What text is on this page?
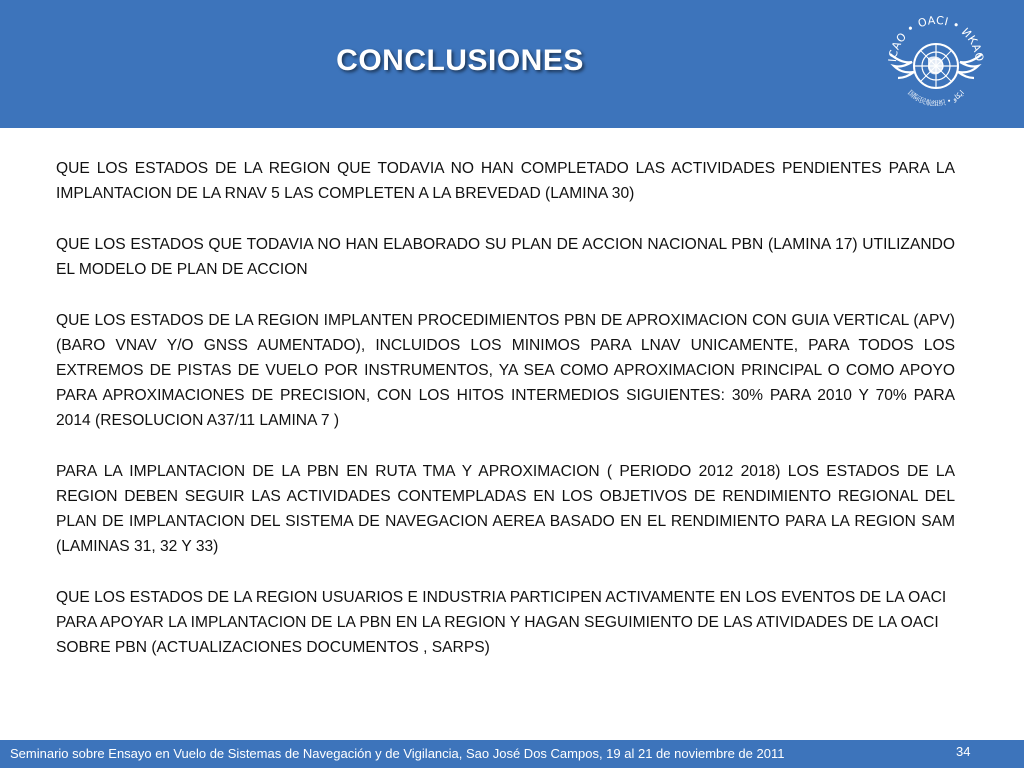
CONCLUSIONES	ICAO • OACI • ИКАО
国际民航组织 • ايكاو

QUE LOS ESTADOS DE LA REGION QUE TODAVIA NO HAN COMPLETADO LAS ACTIVIDADES PENDIENTES PARA LA IMPLANTACION DE LA RNAV 5 LAS COMPLETEN A LA BREVEDAD (LAMINA 30)

QUE LOS ESTADOS QUE TODAVIA NO HAN ELABORADO SU PLAN DE ACCION NACIONAL PBN (LAMINA 17) UTILIZANDO EL MODELO DE PLAN DE ACCION

QUE LOS ESTADOS DE LA REGION IMPLANTEN PROCEDIMIENTOS PBN DE APROXIMACION CON GUIA VERTICAL (APV) (BARO VNAV Y/O GNSS AUMENTADO), INCLUIDOS LOS MINIMOS PARA LNAV UNICAMENTE, PARA TODOS LOS EXTREMOS DE PISTAS DE VUELO POR INSTRUMENTOS, YA SEA COMO APROXIMACION PRINCIPAL O COMO APOYO PARA APROXIMACIONES DE PRECISION, CON LOS HITOS INTERMEDIOS SIGUIENTES: 30% PARA 2010 Y 70% PARA 2014 (RESOLUCION A37/11 LAMINA 7 )

PARA LA IMPLANTACION DE LA PBN EN RUTA TMA Y APROXIMACION ( PERIODO 2012 2018) LOS ESTADOS DE LA REGION DEBEN SEGUIR LAS ACTIVIDADES CONTEMPLADAS EN LOS OBJETIVOS DE RENDIMIENTO REGIONAL DEL PLAN DE IMPLANTACION DEL SISTEMA DE NAVEGACION AEREA BASADO EN EL RENDIMIENTO PARA LA REGION SAM (LAMINAS 31, 32 Y 33)

QUE LOS ESTADOS DE LA REGION USUARIOS E INDUSTRIA PARTICIPEN ACTIVAMENTE EN LOS EVENTOS DE LA OACI PARA APOYAR LA IMPLANTACION DE LA PBN EN LA REGION Y HAGAN SEGUIMIENTO DE LAS ATIVIDADES DE LA OACI SOBRE PBN (ACTUALIZACIONES DOCUMENTOS , SARPS)

Seminario sobre Ensayo en Vuelo de Sistemas de Navegación y de Vigilancia, Sao José Dos Campos, 19 al 21 de noviembre de 2011	34
